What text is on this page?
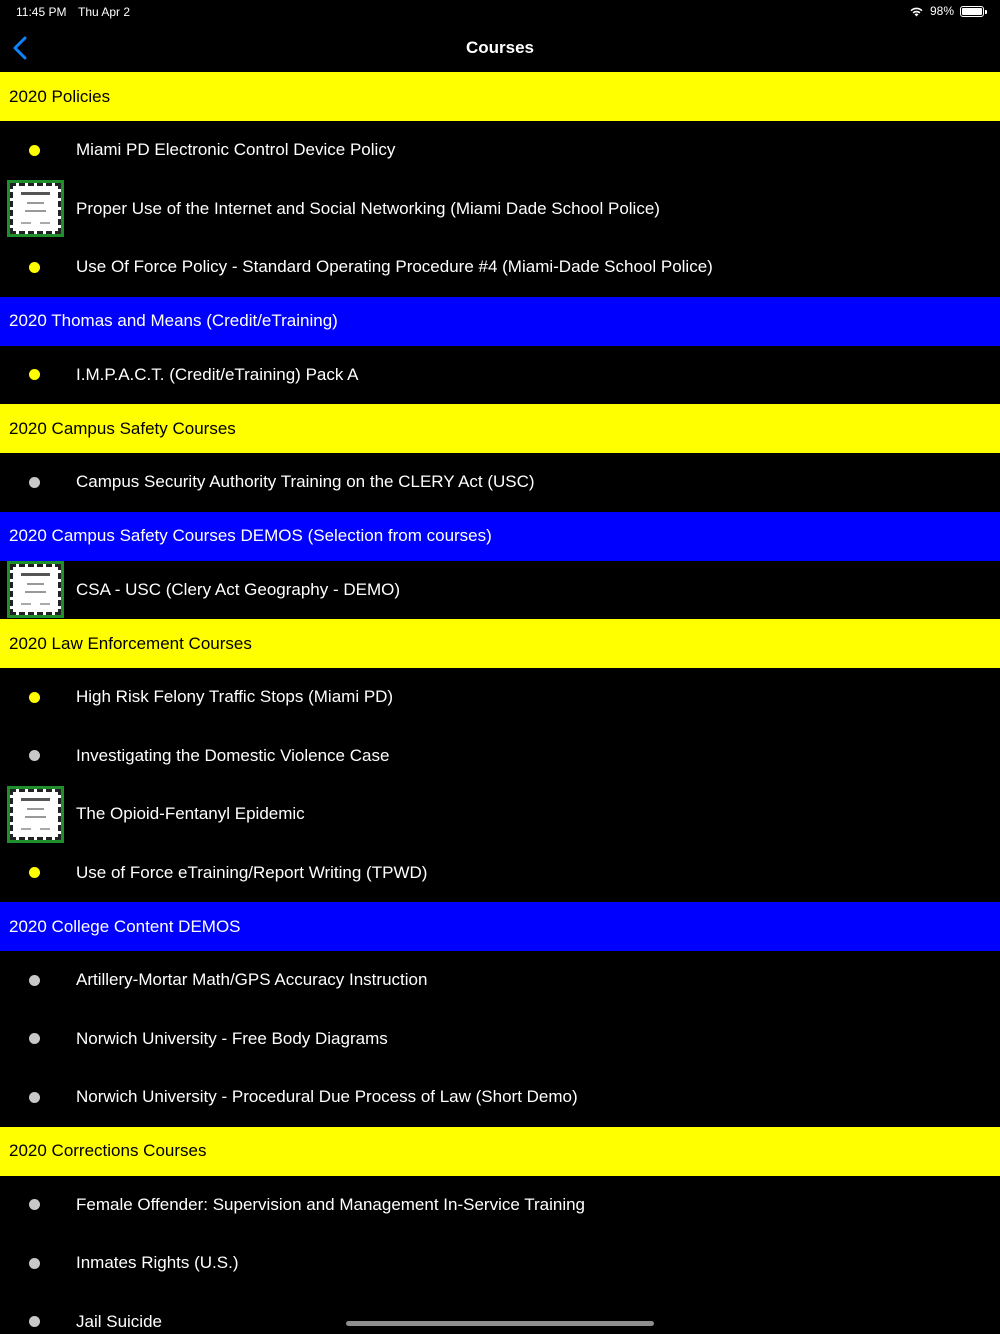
11:45 PM Thu Apr 2	98%
Courses
2020 Policies
Miami PD Electronic Control Device Policy
Proper Use of the Internet and Social Networking (Miami Dade School Police)
Use Of Force Policy - Standard Operating Procedure #4 (Miami-Dade School Police)
2020 Thomas and Means (Credit/eTraining)
I.M.P.A.C.T. (Credit/eTraining) Pack A
2020 Campus Safety Courses
Campus Security Authority Training on the CLERY Act (USC)
2020 Campus Safety Courses DEMOS (Selection from courses)
CSA - USC (Clery Act Geography - DEMO)
2020 Law Enforcement Courses
High Risk Felony Traffic Stops (Miami PD)
Investigating the Domestic Violence Case
The Opioid-Fentanyl Epidemic
Use of Force eTraining/Report Writing (TPWD)
2020 College Content DEMOS
Artillery-Mortar Math/GPS Accuracy Instruction
Norwich University - Free Body Diagrams
Norwich University - Procedural Due Process of Law (Short Demo)
2020 Corrections Courses
Female Offender: Supervision and Management In-Service Training
Inmates Rights (U.S.)
Jail Suicide
